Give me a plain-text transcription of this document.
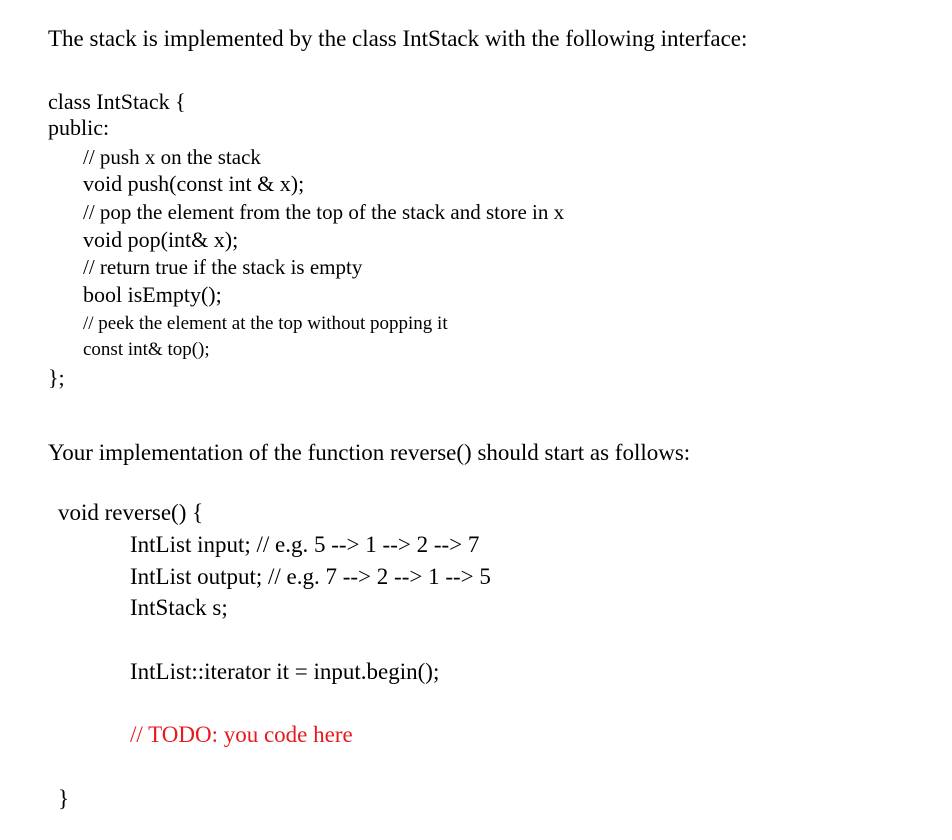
The stack is implemented by the class IntStack with the following interface:
class IntStack {
public:
// push x on the stack
void push(const int & x);
// pop the element from the top of the stack and store in x
void pop(int& x);
// return true if the stack is empty
bool isEmpty();
// peek the element at the top without popping it
const int& top();
};
Your implementation of the function reverse() should start as follows:
void reverse() {
IntList input; // e.g. 5 --> 1 --> 2 --> 7
IntList output; // e.g. 7 --> 2 --> 1 --> 5
IntStack s;
IntList::iterator it = input.begin();
// TODO: you code here
}
